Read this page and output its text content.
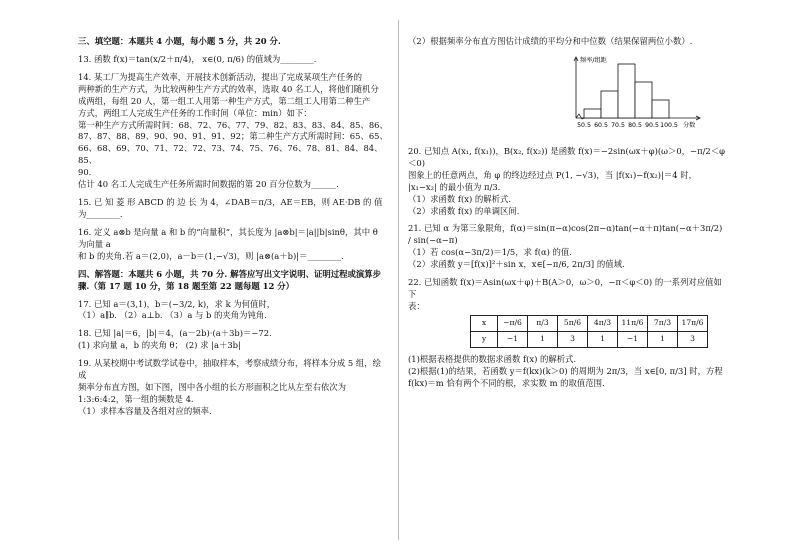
三、填空题：本题共 4 小题，每小题 5 分，共 20 分.
13. 函数 f(x)＝tan(x/2＋π/4)， x∈(0, π/6) 的值域为________.
14. 某工厂为提高生产效率，开展技术创新活动，提出了完成某项生产任务的
两种新的生产方式，为比较两种生产方式的效率，选取 40 名工人，将他们随机分
成两组，每组 20 人，第一组工人用第一种生产方式，第二组工人用第二种生产
方式，两组工人完成生产任务的工作时间（单位：min）如下：
第一种生产方式所需时间：68、72、76、77、79、82、83、83、84、85、86、
87、87、88、89、90、90、91、91、92；第二种生产方式所需时间：65、65、
66、68、69、70、71、72、72、73、74、75、76、76、78、81、84、84、85、
90.
估计 40 名工人完成生产任务所需时间数据的第 20 百分位数为______.
15. 已 知 菱 形 ABCD 的 边 长 为 4，∠DAB＝π/3，AE＝EB，则 AE·DB 的 值
为________.
16. 定义 a⊗b 是向量 a 和 b 的“向量积”，其长度为 |a⊗b|＝|a||b|sinθ，其中 θ 为向量 a
和 b 的夹角.若 a＝(2,0)，a－b＝(1,−√3)，则 |a⊗(a＋b)|＝________.
四、解答题：本题共 6 小题，共 70 分. 解答应写出文字说明、证明过程或演算步
骤.（第 17 题 10 分，第 18 题至第 22 题每题 12 分）
17. 已知 a＝(3,1)，b＝(−3/2, k)，求 k 为何值时，
（1）a∥b. （2）a⊥b. （3）a 与 b 的夹角为钝角.
18. 已知 |a|＝6，|b|＝4，(a－2b)·(a＋3b)＝−72.
(1) 求向量 a，b 的夹角 θ； (2) 求 |a＋3b|
19. 从某校期中考试数学试卷中，抽取样本，考察成绩分布，将样本分成 5 组，绘成
频率分布直方图，如下图，图中各小组的长方形面积之比从左至右依次为
1:3:6:4:2，第一组的频数是 4.
（1）求样本容量及各组对应的频率.
（2）根据频率分布直方图估计成绩的平均分和中位数（结果保留两位小数）.
频率/组距
50.5 60.5 70.5 80.5 90.5 100.5 分数
20. 已知点 A(x₁, f(x₁))，B(x₂, f(x₂)) 是函数 f(x)＝−2sin(ωx＋φ)(ω＞0，−π/2＜φ＜0)
图象上的任意两点，角 φ 的终边经过点 P(1, −√3)，当 |f(x₁)−f(x₂)|＝4 时，
|x₁−x₂| 的最小值为 π/3.
（1）求函数 f(x) 的解析式.
（2）求函数 f(x) 的单调区间.
21. 已知 α 为第三象限角，f(α)＝sin(π−α)cos(2π−α)tan(−α＋π)tan(−α＋3π/2) / sin(−α−π)
（1）若 cos(α−3π/2)＝1/5，求 f(α) 的值.
（2）求函数 y＝[f(x)]²＋sin x，x∈[−π/6, 2π/3] 的值域.
22. 已知函数 f(x)＝Asin(ωx＋φ)＋B(A＞0，ω＞0，−π＜φ＜0) 的一系列对应值如下
表：
x	−π/6	π/3	5π/6	4π/3	11π/6	7π/3	17π/6
y	−1	1	3	1	−1	1	3
(1)根据表格提供的数据求函数 f(x) 的解析式.
(2)根据(1)的结果，若函数 y＝f(kx)(k＞0) 的周期为 2π/3，当 x∈[0, π/3] 时，方程
f(kx)＝m 恰有两个不同的根，求实数 m 的取值范围.
